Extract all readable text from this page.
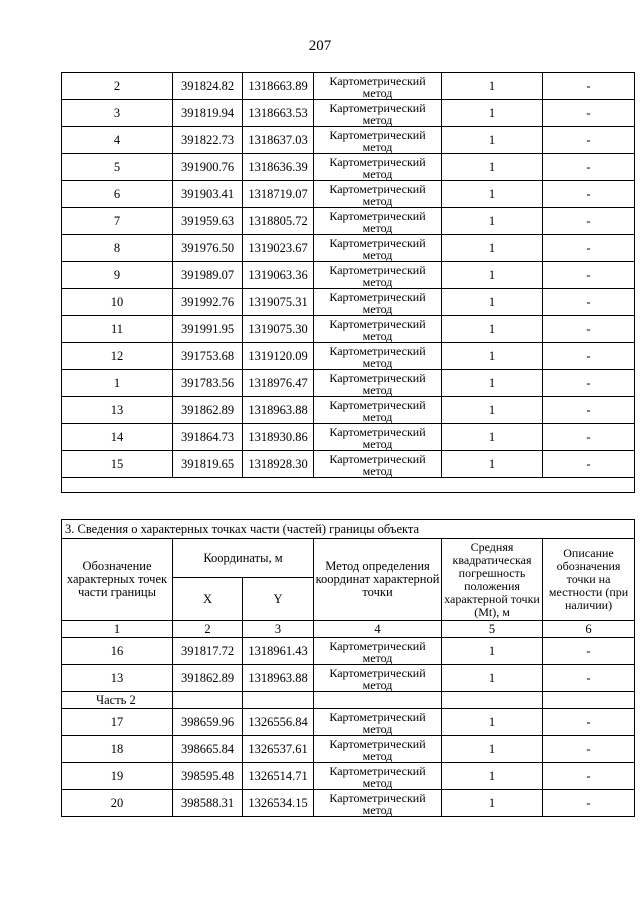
207
2	391824.82	1318663.89	Картометрический метод	1	-
3	391819.94	1318663.53	Картометрический метод	1	-
4	391822.73	1318637.03	Картометрический метод	1	-
5	391900.76	1318636.39	Картометрический метод	1	-
6	391903.41	1318719.07	Картометрический метод	1	-
7	391959.63	1318805.72	Картометрический метод	1	-
8	391976.50	1319023.67	Картометрический метод	1	-
9	391989.07	1319063.36	Картометрический метод	1	-
10	391992.76	1319075.31	Картометрический метод	1	-
11	391991.95	1319075.30	Картометрический метод	1	-
12	391753.68	1319120.09	Картометрический метод	1	-
1	391783.56	1318976.47	Картометрический метод	1	-
13	391862.89	1318963.88	Картометрический метод	1	-
14	391864.73	1318930.86	Картометрический метод	1	-
15	391819.65	1318928.30	Картометрический метод	1	-

3. Сведения о характерных точках части (частей) границы объекта					
Обозначение характерных точек части границы	Координаты, м		Метод определения координат характерной точки	Средняя квадратическая погрешность положения характерной точки (Mt), м	Описание обозначения точки на местности (при наличии)
	X	Y			
1	2	3	4	5	6
16	391817.72	1318961.43	Картометрический метод	1	-
13	391862.89	1318963.88	Картометрический метод	1	-
Часть 2					
17	398659.96	1326556.84	Картометрический метод	1	-
18	398665.84	1326537.61	Картометрический метод	1	-
19	398595.48	1326514.71	Картометрический метод	1	-
20	398588.31	1326534.15	Картометрический метод	1	-
